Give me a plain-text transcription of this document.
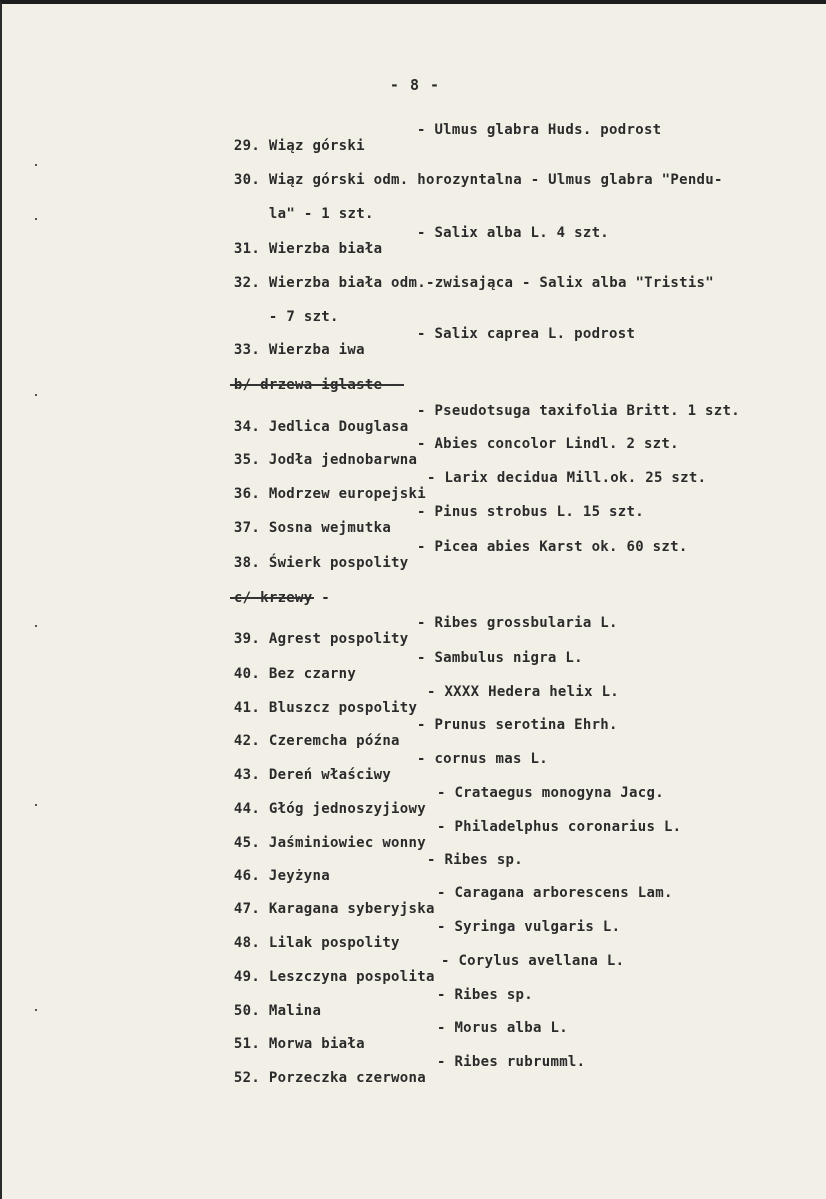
- 8 -

29. Wiąz górski

- Ulmus glabra Huds. podrost

30. Wiąz górski odm. horozyntalna - Ulmus glabra "Pendu-

la" - 1 szt.

31. Wierzba biała

- Salix alba L. 4 szt.

32. Wierzba biała odm.-zwisająca - Salix alba "Tristis"

- 7 szt.

33. Wierzba iwa

- Salix caprea L. podrost

b/ drzewa iglaste -

34. Jedlica Douglasa

- Pseudotsuga taxifolia Britt. 1 szt.

35. Jodła jednobarwna

- Abies concolor Lindl. 2 szt.

36. Modrzew europejski

- Larix decidua Mill.ok. 25 szt.

37. Sosna wejmutka

- Pinus strobus L. 15 szt.

38. Świerk pospolity

- Picea abies Karst ok. 60 szt.

c/ krzewy -

39. Agrest pospolity

- Ribes grossbularia L.

40. Bez czarny

- Sambulus nigra L.

41. Bluszcz pospolity

- XXXX Hedera helix L.

42. Czeremcha późna

- Prunus serotina Ehrh.

43. Dereń właściwy

- cornus mas L.

44. Głóg jednoszyjiowy

- Crataegus monogyna Jacg.

45. Jaśminiowiec wonny

- Philadelphus coronarius L.

46. Jeyżyna

- Ribes sp.

47. Karagana syberyjska

- Caragana arborescens Lam.

48. Lilak pospolity

- Syringa vulgaris L.

49. Leszczyna pospolita

- Corylus avellana L.

50. Malina

- Ribes sp.

51. Morwa biała

- Morus alba L.

52. Porzeczka czerwona

- Ribes rubrumml.
